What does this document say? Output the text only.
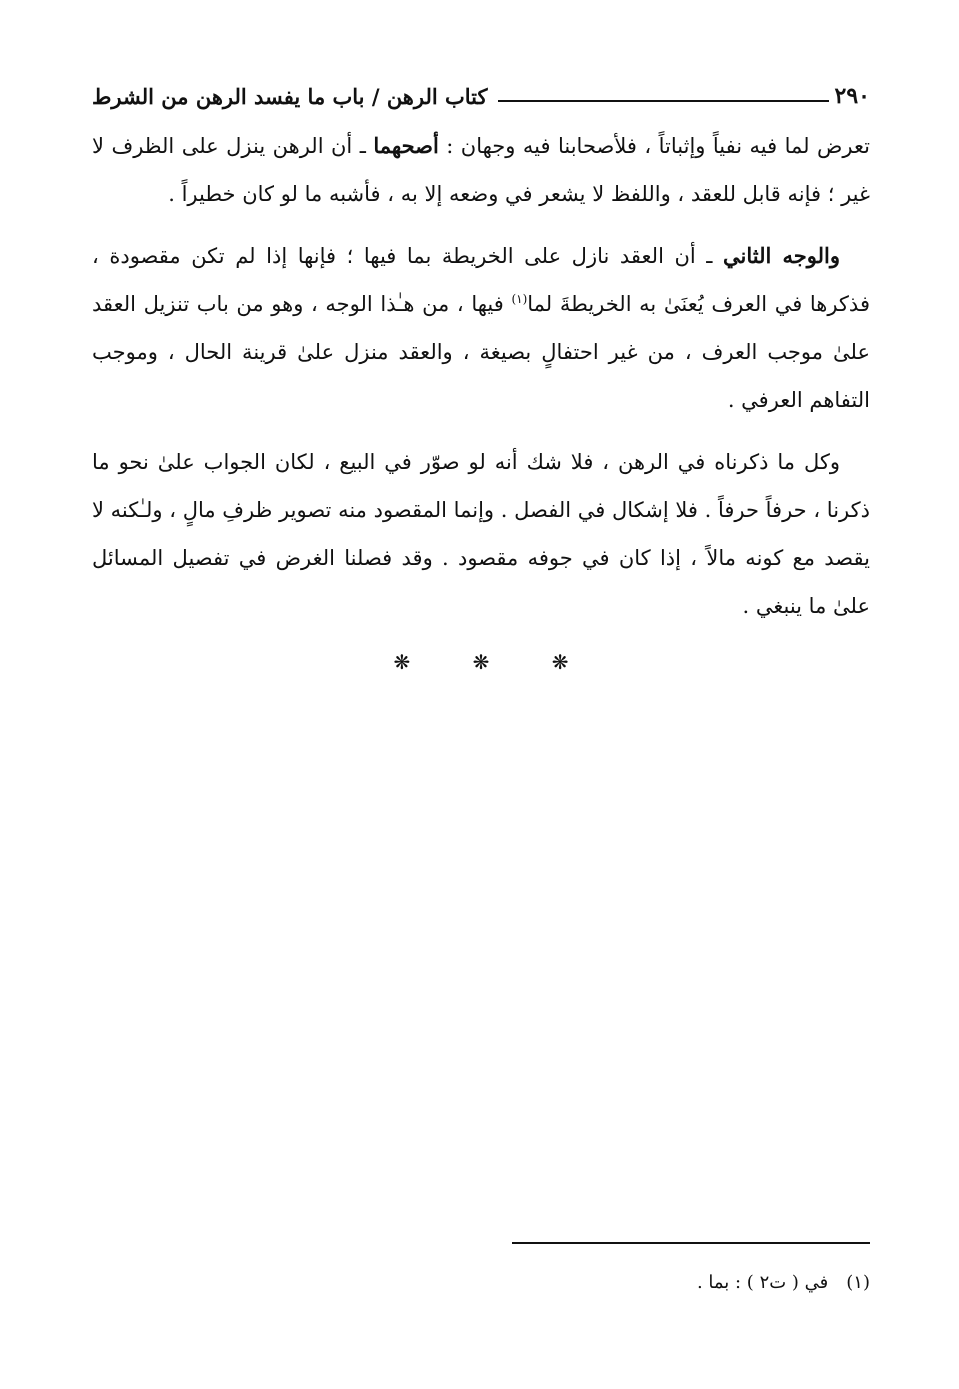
٢٩٠
كتاب الرهن / باب ما يفسد الرهن من الشرط

تعرض لما فيه نفياً وإثباتاً ، فلأصحابنا فيه وجهان : أصحهما ـ أن الرهن ينزل على الظرف لا غير ؛ فإنه قابل للعقد ، واللفظ لا يشعر في وضعه إلا به ، فأشبه ما لو كان خطيراً .

والوجه الثاني ـ أن العقد نازل على الخريطة بما فيها ؛ فإنها إذا لم تكن مقصودة ، فذكرها في العرف يُعنَىٰ به الخريطةَ لما$^{(١)}$ فيها ، من هـٰذا الوجه ، وهو من باب تنزيل العقد علىٰ موجب العرف ، من غير احتفالٍ بصيغة ، والعقد منزل علىٰ قرينة الحال ، وموجب التفاهم العرفي .

وكل ما ذكرناه في الرهن ، فلا شك أنه لو صوّر في البيع ، لكان الجواب علىٰ نحو ما ذكرنا ، حرفاً حرفاً . فلا إشكال في الفصل . وإنما المقصود منه تصوير ظرفِ مالٍ ، ولـٰكنه لا يقصد مع كونه مالاً ، إذا كان في جوفه مقصود . وقد فصلنا الغرض في تفصيل المسائل علىٰ ما ينبغي .

❋	❋	❋
(١)
في ( ت٢ ) : بما .
